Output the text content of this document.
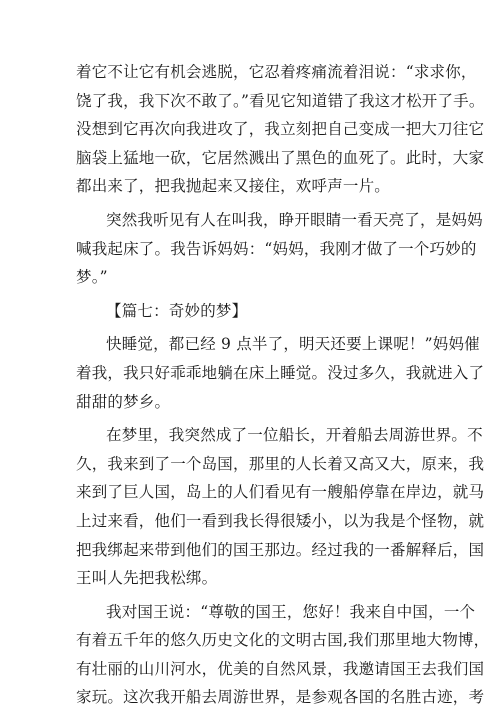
着它不让它有机会逃脱，它忍着疼痛流着泪说：“求求你，
饶了我，我下次不敢了。”看见它知道错了我这才松开了手。
没想到它再次向我进攻了，我立刻把自己变成一把大刀往它
脑袋上猛地一砍，它居然溅出了黑色的血死了。此时，大家
都出来了，把我抛起来又接住，欢呼声一片。
突然我听见有人在叫我，睁开眼睛一看天亮了，是妈妈
喊我起床了。我告诉妈妈：“妈妈，我刚才做了一个巧妙的
梦。”
【篇七：奇妙的梦】
快睡觉，都已经 9 点半了，明天还要上课呢！”妈妈催
着我，我只好乖乖地躺在床上睡觉。没过多久，我就进入了
甜甜的梦乡。
在梦里，我突然成了一位船长，开着船去周游世界。不
久，我来到了一个岛国，那里的人长着又高又大，原来，我
来到了巨人国，岛上的人们看见有一艘船停靠在岸边，就马
上过来看，他们一看到我长得很矮小，以为我是个怪物，就
把我绑起来带到他们的国王那边。经过我的一番解释后，国
王叫人先把我松绑。
我对国王说：“尊敬的国王，您好！我来自中国，一个
有着五千年的悠久历史文化的文明古国,我们那里地大物博，
有壮丽的山川河水，优美的自然风景，我邀请国王去我们国
家玩。这次我开船去周游世界，是参观各国的名胜古迹，考
